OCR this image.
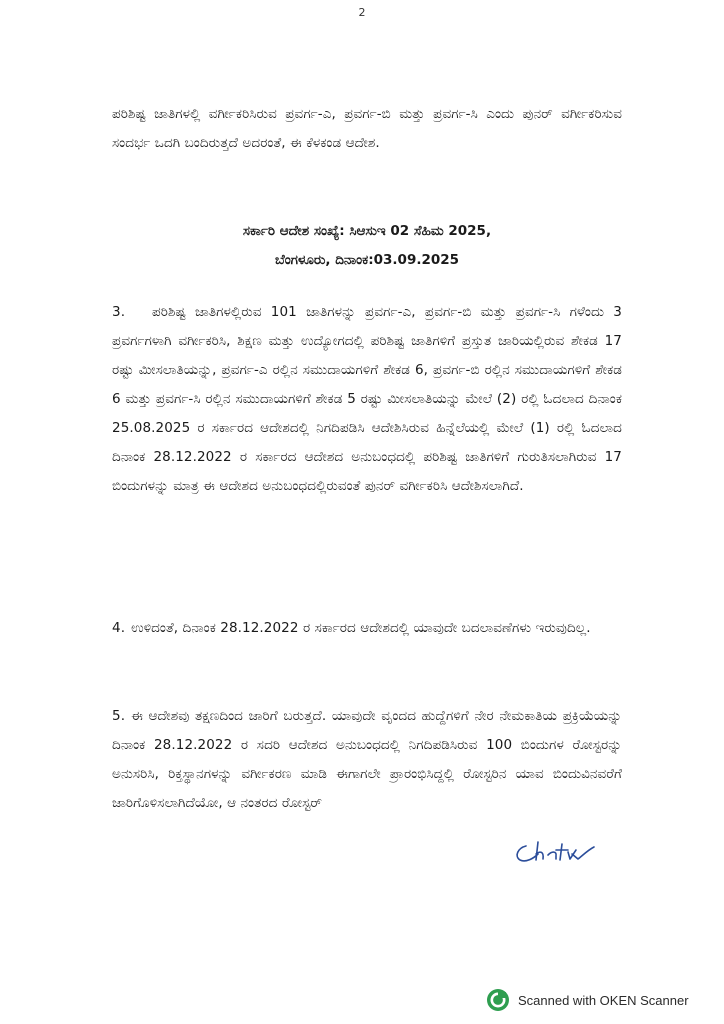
2

ಪರಿಶಿಷ್ಟ ಜಾತಿಗಳಲ್ಲಿ ವರ್ಗೀಕರಿಸಿರುವ ಪ್ರವರ್ಗ-ಎ, ಪ್ರವರ್ಗ-ಬಿ ಮತ್ತು ಪ್ರವರ್ಗ-ಸಿ ಎಂದು ಪುನರ್ ವರ್ಗೀಕರಿಸುವ ಸಂದರ್ಭ ಒದಗಿ ಬಂದಿರುತ್ತದೆ ಅದರಂತೆ, ಈ ಕೆಳಕಂಡ ಆದೇಶ.

ಸರ್ಕಾರಿ ಆದೇಶ ಸಂಖ್ಯೆ: ಸಿಆಸುಇ 02 ಸೆಹಿಮ 2025,
ಬೆಂಗಳೂರು, ದಿನಾಂಕ:03.09.2025

3. ಪರಿಶಿಷ್ಟ ಜಾತಿಗಳಲ್ಲಿರುವ 101 ಜಾತಿಗಳನ್ನು ಪ್ರವರ್ಗ-ಎ, ಪ್ರವರ್ಗ-ಬಿ ಮತ್ತು ಪ್ರವರ್ಗ-ಸಿ ಗಳೆಂದು 3 ಪ್ರವರ್ಗಗಳಾಗಿ ವರ್ಗೀಕರಿಸಿ, ಶಿಕ್ಷಣ ಮತ್ತು ಉದ್ಯೋಗದಲ್ಲಿ ಪರಿಶಿಷ್ಟ ಜಾತಿಗಳಿಗೆ ಪ್ರಸ್ತುತ ಜಾರಿಯಲ್ಲಿರುವ ಶೇಕಡ 17 ರಷ್ಟು ಮೀಸಲಾತಿಯನ್ನು, ಪ್ರವರ್ಗ-ಎ ರಲ್ಲಿನ ಸಮುದಾಯಗಳಿಗೆ ಶೇಕಡ 6, ಪ್ರವರ್ಗ-ಬಿ ರಲ್ಲಿನ ಸಮುದಾಯಗಳಿಗೆ ಶೇಕಡ 6 ಮತ್ತು ಪ್ರವರ್ಗ-ಸಿ ರಲ್ಲಿನ ಸಮುದಾಯಗಳಿಗೆ ಶೇಕಡ 5 ರಷ್ಟು ಮೀಸಲಾತಿಯನ್ನು ಮೇಲೆ (2) ರಲ್ಲಿ ಓದಲಾದ ದಿನಾಂಕ 25.08.2025 ರ ಸರ್ಕಾರದ ಆದೇಶದಲ್ಲಿ ನಿಗದಿಪಡಿಸಿ ಆದೇಶಿಸಿರುವ ಹಿನ್ನೆಲೆಯಲ್ಲಿ ಮೇಲೆ (1) ರಲ್ಲಿ ಓದಲಾದ ದಿನಾಂಕ 28.12.2022 ರ ಸರ್ಕಾರದ ಆದೇಶದ ಅನುಬಂಧದಲ್ಲಿ ಪರಿಶಿಷ್ಟ ಜಾತಿಗಳಿಗೆ ಗುರುತಿಸಲಾಗಿರುವ 17 ಬಿಂದುಗಳನ್ನು ಮಾತ್ರ ಈ ಆದೇಶದ ಅನುಬಂಧದಲ್ಲಿರುವಂತೆ ಪುನರ್ ವರ್ಗೀಕರಿಸಿ ಆದೇಶಿಸಲಾಗಿದೆ.

4. ಉಳಿದಂತೆ, ದಿನಾಂಕ 28.12.2022 ರ ಸರ್ಕಾರದ ಆದೇಶದಲ್ಲಿ ಯಾವುದೇ ಬದಲಾವಣೆಗಳು ಇರುವುದಿಲ್ಲ.

5. ಈ ಆದೇಶವು ತಕ್ಷಣದಿಂದ ಜಾರಿಗೆ ಬರುತ್ತದೆ. ಯಾವುದೇ ವೃಂದದ ಹುದ್ದೆಗಳಿಗೆ ನೇರ ನೇಮಕಾತಿಯ ಪ್ರಕ್ರಿಯೆಯನ್ನು ದಿನಾಂಕ 28.12.2022 ರ ಸದರಿ ಆದೇಶದ ಅನುಬಂಧದಲ್ಲಿ ನಿಗದಿಪಡಿಸಿರುವ 100 ಬಿಂದುಗಳ ರೋಸ್ಟರನ್ನು ಅನುಸರಿಸಿ, ರಿಕ್ತಸ್ಥಾನಗಳನ್ನು ವರ್ಗೀಕರಣ ಮಾಡಿ ಈಗಾಗಲೇ ಪ್ರಾರಂಭಿಸಿದ್ದಲ್ಲಿ ರೋಸ್ಟರಿನ ಯಾವ ಬಿಂದುವಿನವರೆಗೆ ಜಾರಿಗೊಳಿಸಲಾಗಿದೆಯೋ, ಆ ನಂತರದ ರೋಸ್ಟರ್

Scanned with OKEN Scanner
